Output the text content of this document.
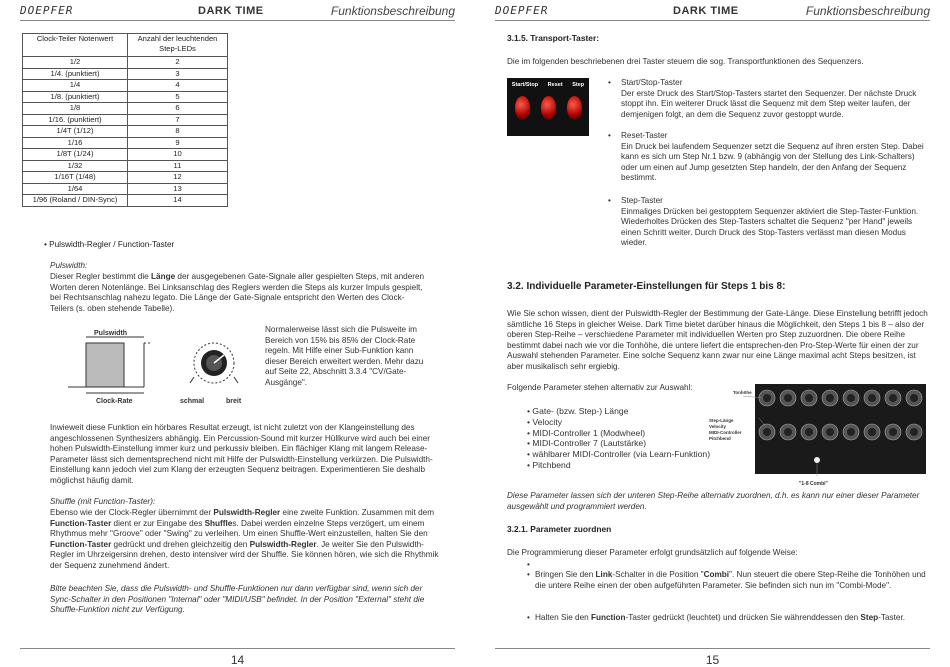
DOEPFER	DARK TIME	Funktionsbeschreibung
Clock-Teiler Notenwert	Anzahl der leuchtenden Step-LEDs
1/2	2
1/4. (punktiert)	3
1/4	4
1/8. (punktiert)	5
1/8	6
1/16. (punktiert)	7
1/4T (1/12)	8
1/16	9
1/8T (1/24)	10
1/32	11
1/16T (1/48)	12
1/64	13
1/96 (Roland / DIN-Sync)	14
• Pulswidth-Regler / Function-Taster
Pulswidth:
Dieser Regler bestimmt die Länge der ausgegebenen Gate-Signale aller gespielten Steps, mit anderen Worten deren Notenlänge. Bei Linksanschlag des Reglers werden die Steps als kurzer Impuls gespielt, bei Rechtsanschlag nahezu legato. Die Länge der Gate-Signale entspricht den Werten des Clock-Teilers (s. oben stehende Tabelle).
Pulswidth
Clock-Rate	schmal	breit
Normalerweise lässt sich die Pulsweite im Bereich von 15% bis 85% der Clock-Rate regeln. Mit Hilfe einer Sub-Funktion kann dieser Bereich erweitert werden. Mehr dazu auf Seite 22, Abschnitt 3.3.4 "CV/Gate-Ausgänge".
Inwieweit diese Funktion ein hörbares Resultat erzeugt, ist nicht zuletzt von der Klangeinstellung des angeschlossenen Synthesizers abhängig. Ein Percussion-Sound mit kurzer Hüllkurve wird auch bei einer hohen Pulswidth-Einstellung immer kurz und perkussiv bleiben. Ein flächiger Klang mit langem Release-Parameter lässt sich dementsprechend nicht mit Hilfe der Pulswidth-Einstellung verkürzen. Die Pulswidth-Einstellung kann jedoch viel zum Klang der erzeugten Sequenz beitragen. Experimentieren Sie deshalb möglichst häufig damit.
Shuffle (mit Function-Taster):
Ebenso wie der Clock-Regler übernimmt der Pulswidth-Regler eine zweite Funktion. Zusammen mit dem Function-Taster dient er zur Eingabe des Shuffles. Dabei werden einzelne Steps verzögert, um einem Rhythmus mehr "Groove" oder "Swing" zu verleihen. Um einen Shuffle-Wert einzustellen, halten Sie den Function-Taster gedrückt und drehen gleichzeitig den Pulswidth-Regler. Je weiter Sie den Pulswidth-Regler im Uhrzeigersinn drehen, desto intensiver wird der Shuffle. Sie können hören, wie sich die Rhythmik der Sequenz zunehmend ändert.
Bitte beachten Sie, dass die Pulswidth- und Shuffle-Funktionen nur dann verfügbar sind, wenn sich der Sync-Schalter in den Positionen "Internal" oder "MIDI/USB" befindet. In der Position "External" steht die Shuffle-Funktion nicht zur Verfügung.
14
DOEPFER	DARK TIME	Funktionsbeschreibung
3.1.5. Transport-Taster:
Die im folgenden beschriebenen drei Taster steuern die sog. Transportfunktionen des Sequenzers.
Start/Stop Reset Step	• Start/Stop-Taster
Der erste Druck des Start/Stop-Tasters startet den Sequenzer. Der nächste Druck stoppt ihn. Ein weiterer Druck lässt die Sequenz mit dem Step weiter laufen, der demjenigen folgt, an dem die Sequenz zuvor gestoppt wurde.
• Reset-Taster
Ein Druck bei laufendem Sequenzer setzt die Sequenz auf ihren ersten Step. Dabei kann es sich um Step Nr.1 bzw. 9 (abhängig von der Stellung des Link-Schalters) oder um einen auf Jump gesetzten Step handeln, der den Anfang der Sequenz bestimmt.
• Step-Taster
Einmaliges Drücken bei gestopptem Sequenzer aktiviert die Step-Taster-Funktion. Wiederholtes Drücken des Step-Tasters schaltet die Sequenz "per Hand" jeweils einen Schritt weiter. Durch Druck des Stop-Tasters verlässt man diesen Modus wieder.
3.2. Individuelle Parameter-Einstellungen für Steps 1 bis 8:
Wie Sie schon wissen, dient der Pulswidth-Regler der Bestimmung der Gate-Länge. Diese Einstellung betrifft jedoch sämtliche 16 Steps in gleicher Weise. Dark Time bietet darüber hinaus die Möglichkeit, den Steps 1 bis 8 – also der oberen Step-Reihe – verschiedene Parameter mit individuellen Werten pro Step zuzuordnen. Die obere Reihe bestimmt dabei nach wie vor die Tonhöhe, die untere liefert die entsprechen-den Pro-Step-Werte für einen der zur Auswahl stehenden Parameter. Eine solche Sequenz kann zwar nur eine Länge maximal acht Steps besitzen, ist aber musikalisch sehr ergiebig.
Folgende Parameter stehen alternativ zur Auswahl:
• Gate- (bzw. Step-) Länge
• Velocity
• MIDI-Controller 1 (Modwheel)
• MIDI-Controller 7 (Lautstärke)
• wählbarer MIDI-Controller (via Learn-Funktion)
• Pitchbend
Tonhöhe
Step-Länge
Velocity
MIDI-Controller
Pitchbend
"1-8 Combi"
Diese Parameter lassen sich der unteren Step-Reihe alternativ zuordnen, d.h. es kann nur einer dieser Parameter ausgewählt und programmiert werden.
3.2.1. Parameter zuordnen
Die Programmierung dieser Parameter erfolgt grundsätzlich auf folgende Weise:
•
• Bringen Sie den Link-Schalter in die Position "Combi". Nun steuert die obere Step-Reihe die Tonhöhen und die untere Reihe einen der oben aufgeführten Parameter. Sie befinden sich nun im "Combi-Mode".
• Halten Sie den Function-Taster gedrückt (leuchtet) und drücken Sie währenddessen den Step-Taster.
15
